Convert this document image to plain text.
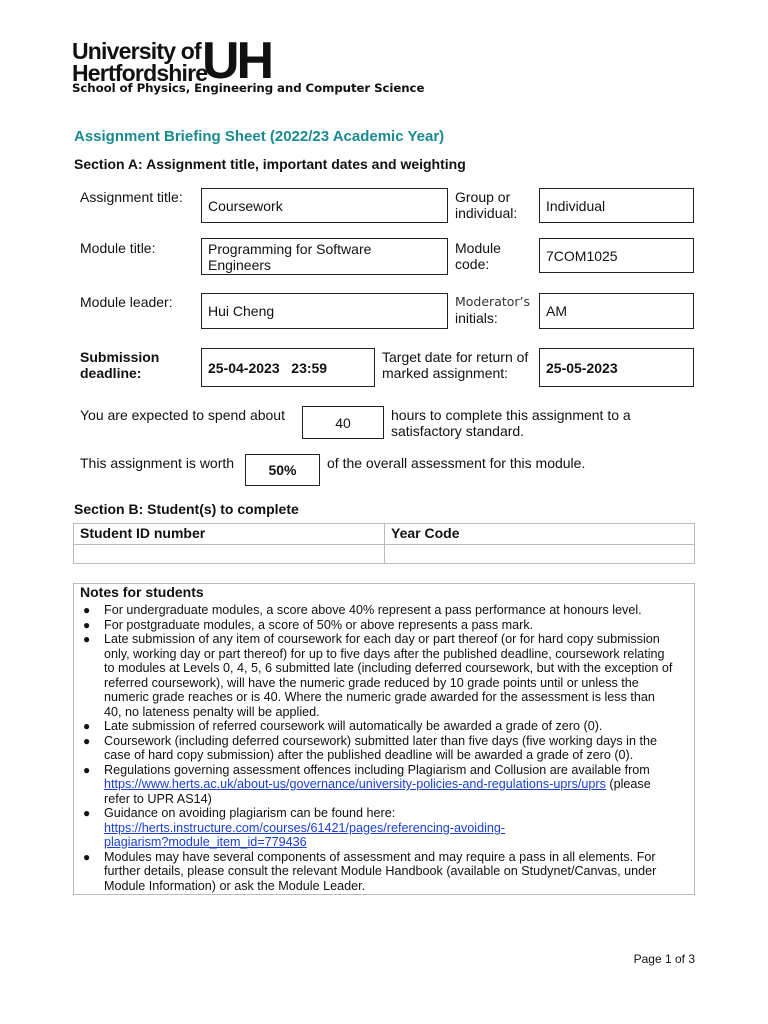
University of
Hertfordshire
UH
School of Physics, Engineering and Computer Science
Assignment Briefing Sheet (2022/23 Academic Year)
Section A: Assignment title, important dates and weighting
Assignment title:
Coursework
Group or
individual: Individual
Module title:	Programming for Software
Engineers
Module
code:
7COM1025
Module leader:
Hui Cheng
Moderator’s
initials:	AM
Submission
deadline:	25-04-2023   23:59
Target date for return of
marked assignment:	25-05-2023
You are expected to spend about	40	hours to complete this assignment to a
satisfactory standard.
This assignment is worth 50% of the overall assessment for this module.
Section B: Student(s) to complete
Student ID number	Year Code
Notes for students
● For undergraduate modules, a score above 40% represent a pass performance at honours level.
● For postgraduate modules, a score of 50% or above represents a pass mark.
● Late submission of any item of coursework for each day or part thereof (or for hard copy submission
only, working day or part thereof) for up to five days after the published deadline, coursework relating
to modules at Levels 0, 4, 5, 6 submitted late (including deferred coursework, but with the exception of
referred coursework), will have the numeric grade reduced by 10 grade points until or unless the
numeric grade reaches or is 40. Where the numeric grade awarded for the assessment is less than
40, no lateness penalty will be applied.
● Late submission of referred coursework will automatically be awarded a grade of zero (0).
● Coursework (including deferred coursework) submitted later than five days (five working days in the
case of hard copy submission) after the published deadline will be awarded a grade of zero (0).
● Regulations governing assessment offences including Plagiarism and Collusion are available from
https://www.herts.ac.uk/about-us/governance/university-policies-and-regulations-uprs/uprs (please
refer to UPR AS14)
● Guidance on avoiding plagiarism can be found here:
https://herts.instructure.com/courses/61421/pages/referencing-avoiding-
plagiarism?module_item_id=779436
● Modules may have several components of assessment and may require a pass in all elements. For
further details, please consult the relevant Module Handbook (available on Studynet/Canvas, under
Module Information) or ask the Module Leader.
Page 1 of 3
